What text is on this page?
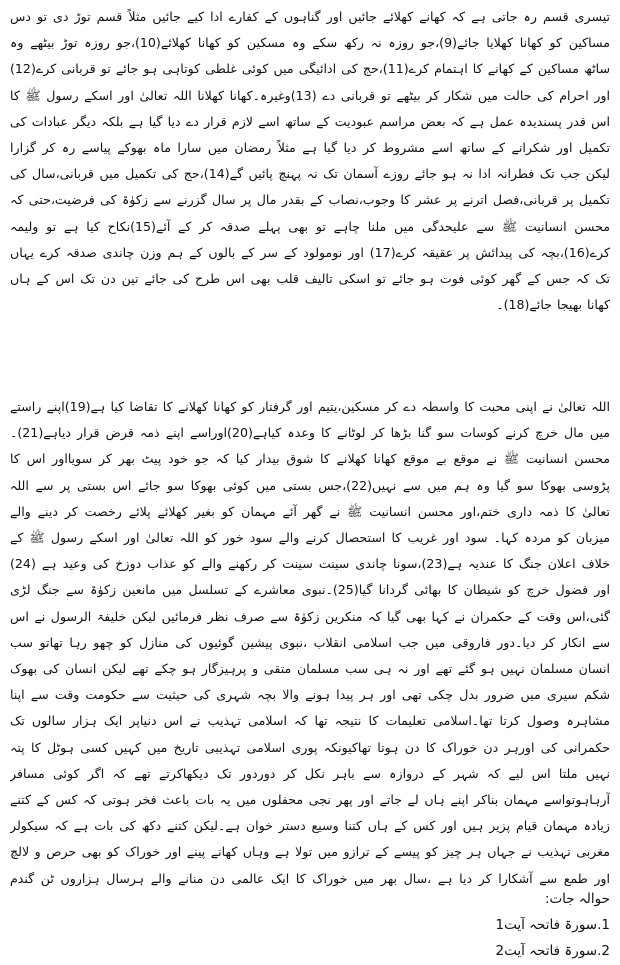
تیسری قسم رہ جاتی ہے کہ کھانے کھلائے جائیں اور گناہوں کے کفارے ادا کیے جائیں مثلاً قسم توڑ دی تو دس مساکین کو کھانا کھلایا جائے(9)،جو روزہ نہ رکھ سکے وہ مسکین کو کھانا کھلائے(10)،جو روزہ توڑ بیٹھے وہ ساٹھ مساکین کے کھانے کا اہتمام کرے(11)،حج کی ادائیگی میں کوئی غلطی کوتاہی ہو جائے تو قربانی کرے(12) اور احرام کی حالت میں شکار کر بیٹھے تو قربانی دے (13)وغیرہ۔کھانا کھلانا اللہ تعالیٰ اور اسکے رسول ﷺ کا اس قدر پسندیدہ عمل ہے کہ بعض مراسم عبودیت کے ساتھ اسے لازم قرار دے دیا گیا ہے بلکہ دیگر عبادات کی تکمیل اور شکرانے کے ساتھ اسے مشروط کر دیا گیا ہے مثلاً رمضان میں سارا ماہ بھوکے پیاسے رہ کر گزارا لیکن جب تک فطرانہ ادا نہ ہو جائے روزے آسمان تک نہ پہنچ پائیں گے(14)،حج کی تکمیل میں قربانی،سال کی تکمیل پر قربانی،فصل اترنے پر عشر کا وجوب،نصاب کے بقدر مال پر سال گزرنے سے زکوٰۃ کی فرضیت،حتی کہ محسن انسانیت ﷺ سے علیحدگی میں ملنا چاہے تو بھی پہلے صدقہ کر کے آئے(15)نکاح کیا ہے تو ولیمہ کرے(16)،بچہ کی پیدائش پر عقیقہ کرے(17) اور نومولود کے سر کے بالوں کے ہم وزن چاندی صدقہ کرے یہاں تک کہ جس کے گھر کوئی فوت ہو جائے تو اسکی تالیف قلب بھی اس طرح کی جائے تین دن تک اس کے ہاں کھانا بھیجا جائے(18)۔

اللہ تعالیٰ نے اپنی محبت کا واسطہ دے کر مسکین،یتیم اور گرفتار کو کھانا کھلانے کا تقاضا کیا ہے(19)اپنے راستے میں مال خرچ کرنے کوسات سو گنا بڑھا کر لوٹانے کا وعدہ کیاہے(20)اوراسے اپنے ذمہ قرض قرار دیاہے(21)۔محسن انسانیت ﷺ نے موقع بے موقع کھانا کھلانے کا شوق بیدار کیا کہ جو خود پیٹ بھر کر سویااور اس کا پڑوسی بھوکا سو گیا وہ ہم میں سے نہیں(22)،جس بستی میں کوئی بھوکا سو جائے اس بستی پر سے اللہ تعالیٰ کا ذمہ داری ختم،اور محسن انسانیت ﷺ نے گھر آئے مہمان کو بغیر کھلائے پلائے رخصت کر دینے والے میزبان کو مردہ کہا۔ سود اور غریب کا استحصال کرنے والے سود خور کو اللہ تعالیٰ اور اسکے رسول ﷺ کے خلاف اعلان جنگ کا عندیہ ہے(23)،سونا چاندی سینت سینت کر رکھنے والے کو عذاب دوزخ کی وعید ہے (24) اور فضول خرچ کو شیطان کا بھائی گردانا گیا(25)۔نبوی معاشرے کے تسلسل میں مانعین زکوٰۃ سے جنگ لڑی گئی،اس وقت کے حکمران نے کہا بھی گیا کہ منکرین زکوٰۃ سے صرف نظر فرمائیں لیکن خلیفۃ الرسول نے اس سے انکار کر دیا۔دور فاروقی میں جب اسلامی انقلاب ،نبوی پیشین گوئیوں کی منازل کو چھو رہا تھاتو سب انسان مسلمان نہیں ہو گئے تھے اور نہ ہی سب مسلمان متقی و پرہیزگار ہو چکے تھے لیکن انسان کی بھوک شکم سیری میں ضرور بدل چکی تھی اور ہر پیدا ہونے والا بچہ شہری کی حیثیت سے حکومت وقت سے اپنا مشاہرہ وصول کرتا تھا۔اسلامی تعلیمات کا نتیجہ تھا کہ اسلامی تہذیب نے اس دنیاپر ایک ہزار سالوں تک حکمرانی کی اورہر دن خوراک کا دن ہوتا تھاکیونکہ پوری اسلامی تہذیبی تاریخ میں کہیں کسی ہوٹل کا پتہ نہیں ملتا اس لیے کہ شہر کے دروازہ سے باہر نکل کر دوردور تک دیکھاکرتے تھے کہ اگر کوئی مسافر آرہاہوتواسے مہمان بناکر اپنے ہاں لے جاتے اور پھر نجی محفلوں میں یہ بات باعث فخر ہوتی کہ کس کے کتنے زیادہ مہمان قیام پزیر ہیں اور کس کے ہاں کتنا وسیع دستر خوان ہے۔لیکن کتنے دکھ کی بات ہے کہ سیکولر مغربی تہذیب نے جہاں ہر چیز کو پیسے کے ترازو میں تولا ہے وہاں کھانے پینے اور خوراک کو بھی حرص و لالچ اور طمع سے آشکارا کر دیا ہے ،سال بھر میں خوراک کا ایک عالمی دن منانے والے ہرسال ہزاروں ٹن گندم

حوالہ جات:

1.سورۃ فاتحہ آیت1
2.سورۃ فاتحہ آیت2
